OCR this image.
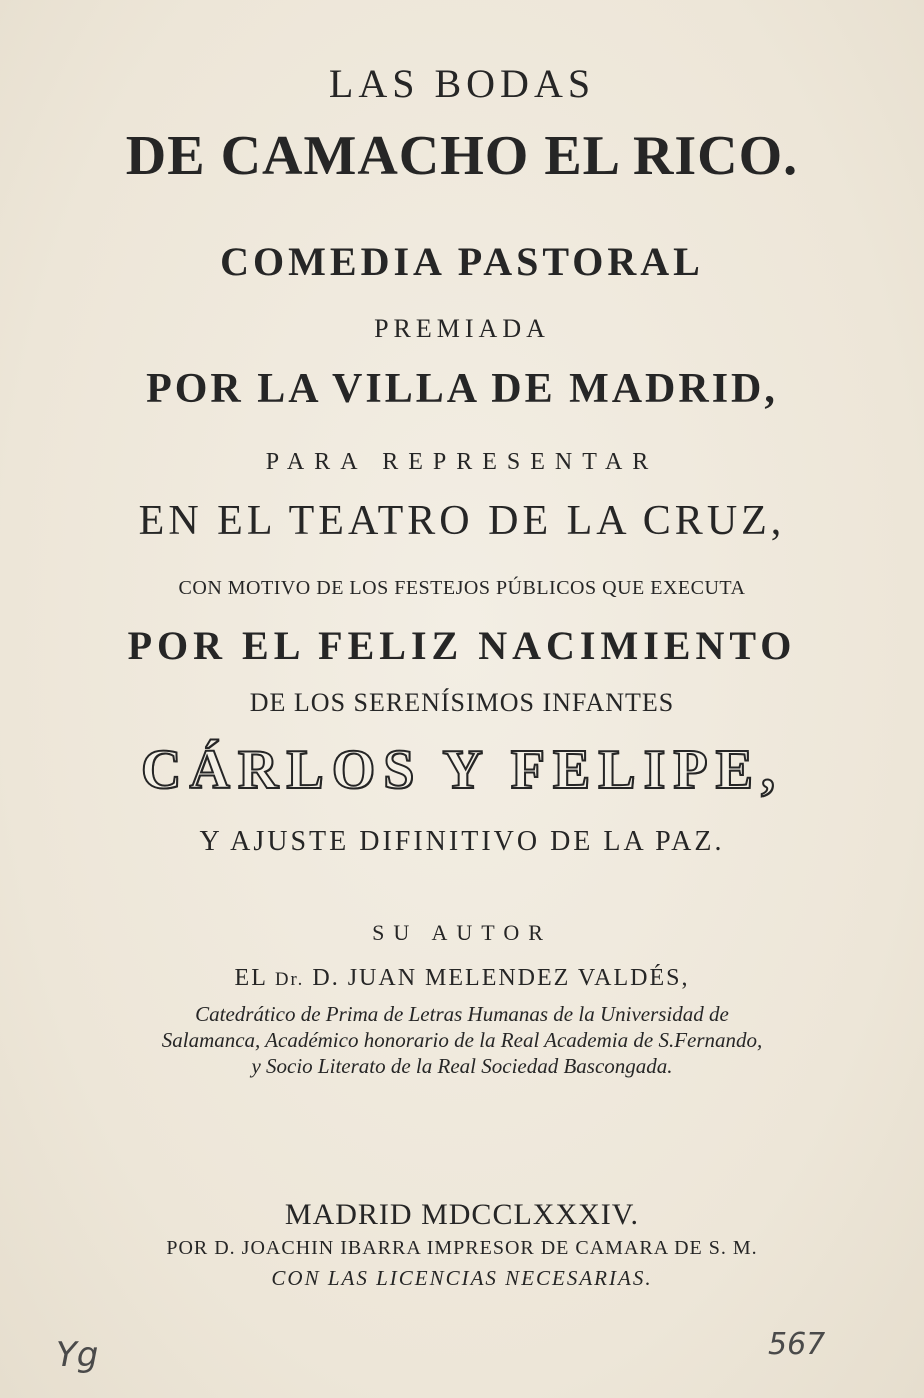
LAS BODAS
DE CAMACHO EL RICO.
COMEDIA PASTORAL
PREMIADA
POR LA VILLA DE MADRID,
PARA REPRESENTAR
EN EL TEATRO DE LA CRUZ,
CON MOTIVO DE LOS FESTEJOS PÚBLICOS QUE EXECUTA
POR EL FELIZ NACIMIENTO
DE LOS SERENÍSIMOS INFANTES
CÁRLOS Y FELIPE,
Y AJUSTE DIFINITIVO DE LA PAZ.
SU AUTOR
EL Dr. D. JUAN MELENDEZ VALDÉS,
Catedrático de Prima de Letras Humanas de la Universidad de
Salamanca, Académico honorario de la Real Academia de S.Fernando,
y Socio Literato de la Real Sociedad Bascongada.
MADRID MDCCLXXXIV.
POR D. JOACHIN IBARRA IMPRESOR DE CAMARA DE S. M.
CON LAS LICENCIAS NECESARIAS.
Yg	567
